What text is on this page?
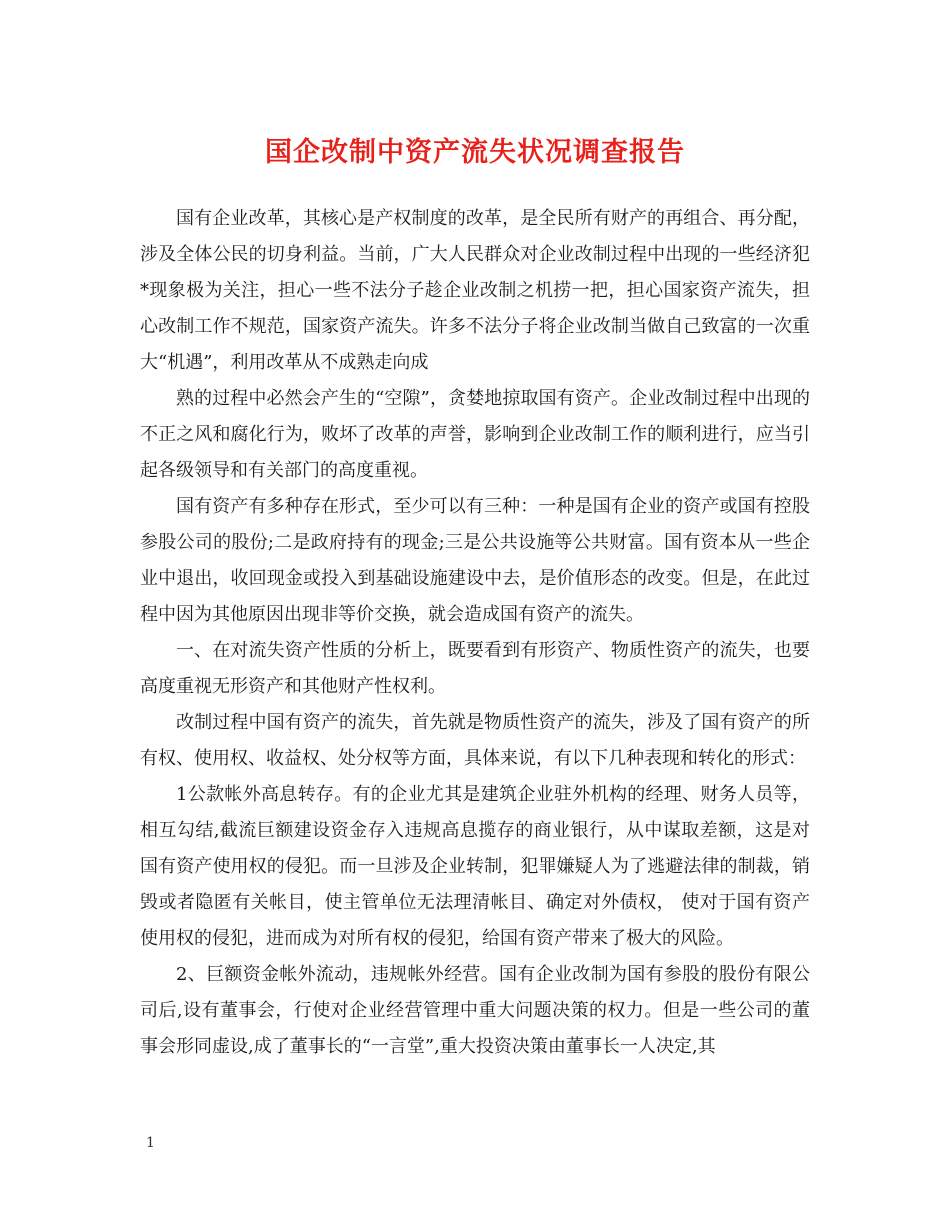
国企改制中资产流失状况调查报告

国有企业改革，其核心是产权制度的改革，是全民所有财产的再组合、再分配，涉及全体公民的切身利益。当前，广大人民群众对企业改制过程中出现的一些经济犯*现象极为关注，担心一些不法分子趁企业改制之机捞一把，担心国家资产流失，担心改制工作不规范，国家资产流失。许多不法分子将企业改制当做自己致富的一次重大“机遇”，利用改革从不成熟走向成

熟的过程中必然会产生的“空隙”，贪婪地掠取国有资产。企业改制过程中出现的不正之风和腐化行为，败坏了改革的声誉，影响到企业改制工作的顺利进行，应当引起各级领导和有关部门的高度重视。

国有资产有多种存在形式，至少可以有三种：一种是国有企业的资产或国有控股参股公司的股份;二是政府持有的现金;三是公共设施等公共财富。国有资本从一些企业中退出，收回现金或投入到基础设施建设中去，是价值形态的改变。但是，在此过程中因为其他原因出现非等价交换，就会造成国有资产的流失。

一、在对流失资产性质的分析上，既要看到有形资产、物质性资产的流失，也要高度重视无形资产和其他财产性权利。

改制过程中国有资产的流失，首先就是物质性资产的流失，涉及了国有资产的所有权、使用权、收益权、处分权等方面，具体来说，有以下几种表现和转化的形式：

1公款帐外高息转存。有的企业尤其是建筑企业驻外机构的经理、财务人员等，相互勾结,截流巨额建设资金存入违规高息揽存的商业银行，从中谋取差额，这是对国有资产使用权的侵犯。而一旦涉及企业转制，犯罪嫌疑人为了逃避法律的制裁，销毁或者隐匿有关帐目，使主管单位无法理清帐目、确定对外债权， 使对于国有资产使用权的侵犯，进而成为对所有权的侵犯，给国有资产带来了极大的风险。

2、巨额资金帐外流动，违规帐外经营。国有企业改制为国有参股的股份有限公司后,设有董事会，行使对企业经营管理中重大问题决策的权力。但是一些公司的董事会形同虚设,成了董事长的“一言堂”,重大投资决策由董事长一人决定,其

1
